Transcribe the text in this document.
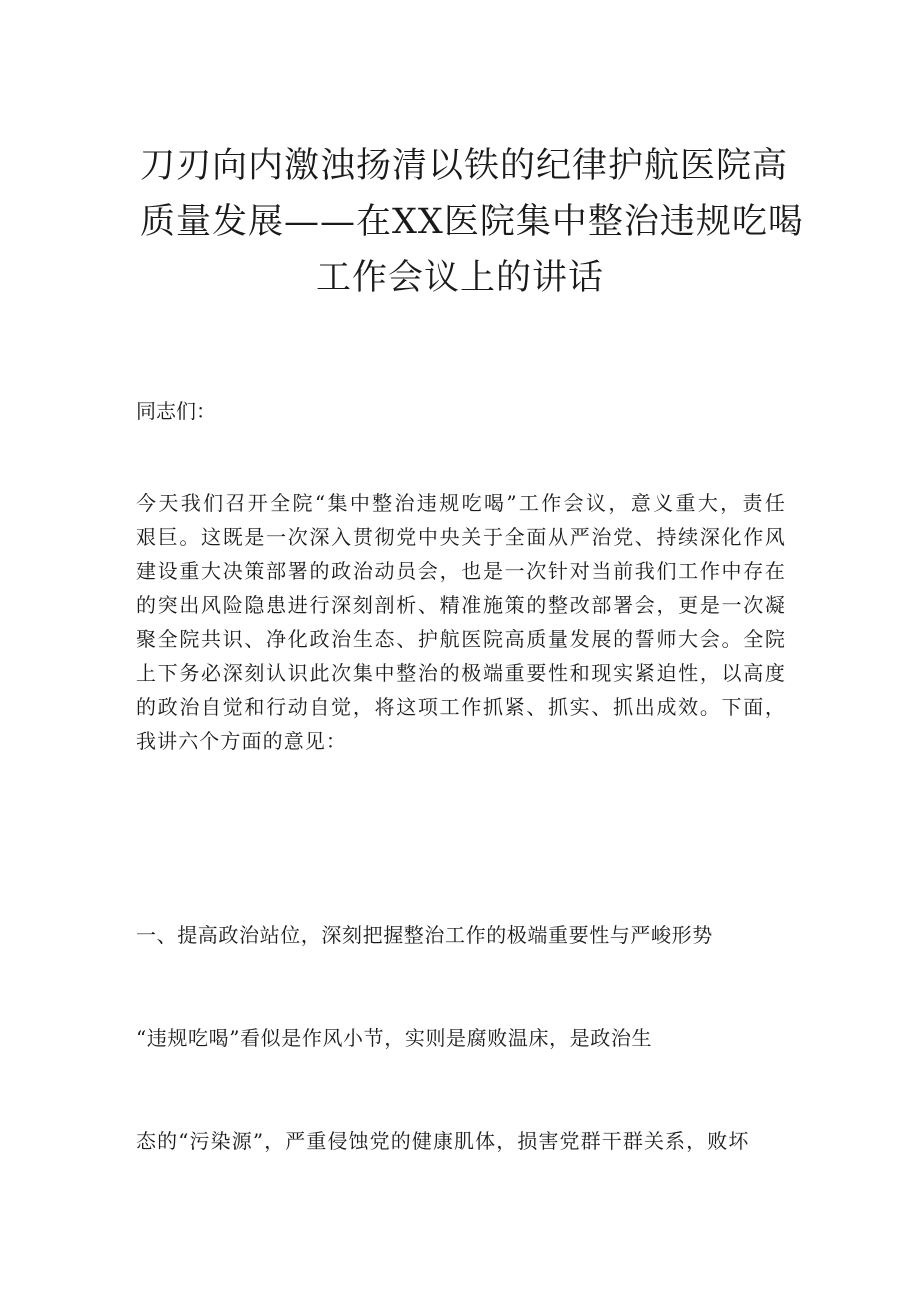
刀刃向内激浊扬清以铁的纪律护航医院高
质量发展——在XX医院集中整治违规吃喝
工作会议上的讲话
同志们：
今天我们召开全院“集中整治违规吃喝”工作会议，意义重大，责任
艰巨。这既是一次深入贯彻党中央关于全面从严治党、持续深化作风
建设重大决策部署的政治动员会，也是一次针对当前我们工作中存在
的突出风险隐患进行深刻剖析、精准施策的整改部署会，更是一次凝
聚全院共识、净化政治生态、护航医院高质量发展的誓师大会。全院
上下务必深刻认识此次集中整治的极端重要性和现实紧迫性，以高度
的政治自觉和行动自觉，将这项工作抓紧、抓实、抓出成效。下面，
我讲六个方面的意见：
一、提高政治站位，深刻把握整治工作的极端重要性与严峻形势
“违规吃喝”看似是作风小节，实则是腐败温床，是政治生
态的“污染源”，严重侵蚀党的健康肌体，损害党群干群关系，败坏
